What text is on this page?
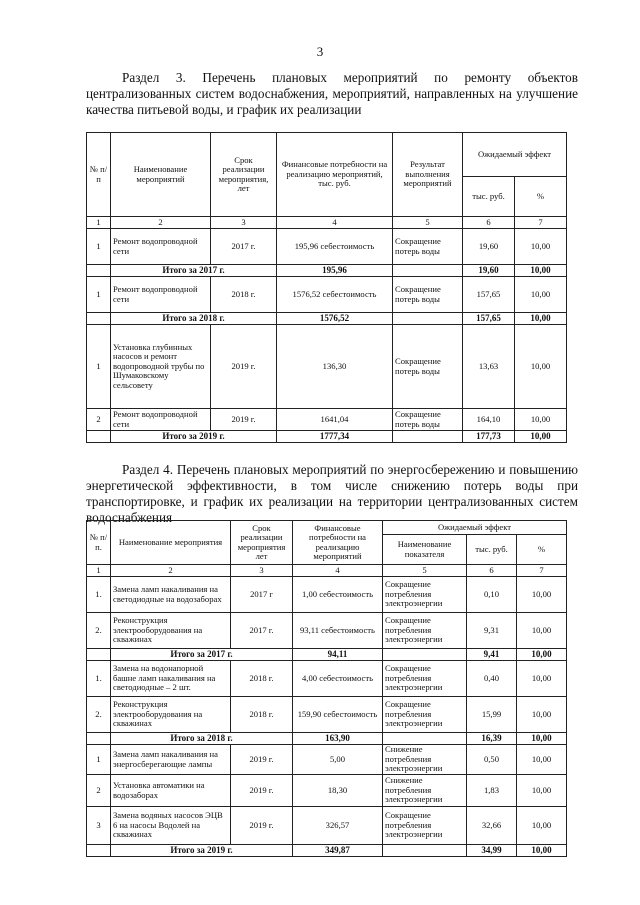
3
Раздел 3. Перечень плановых мероприятий по ремонту объектов централизованных систем водоснабжения, мероприятий, направленных на улучшение качества питьевой воды, и график их реализации
№ п/п	Наименование мероприятий	Срок реализации мероприятия, лет	Финансовые потребности на реализацию мероприятий, тыс. руб.	Результат выполнения мероприятий	Ожидаемый эффект	
					тыс. руб.	%
1	2	3	4	5	6	7
1	Ремонт водопроводной сети	2017 г.	195,96 себестоимость	Сокращение потерь воды	19,60	10,00
	Итого за 2017 г.		195,96		19,60	10,00
1	Ремонт водопроводной сети	2018 г.	1576,52 себестоимость	Сокращение потерь воды	157,65	10,00
	Итого за 2018 г.		1576,52		157,65	10,00
1	Установка глубинных насосов и ремонт водопроводной трубы по Шумаковскому сельсовету	2019 г.	136,30	Сокращение потерь воды	13,63	10,00
2	Ремонт водопроводной сети	2019 г.	1641,04	Сокращение потерь воды	164,10	10,00
	Итого за 2019 г.		1777,34		177,73	10,00
Раздел 4. Перечень плановых мероприятий по энергосбережению и повышению энергетической эффективности, в том числе снижению потерь воды при транспортировке, и график их реализации на территории централизованных систем водоснабжения
№ п/п.	Наименование мероприятия	Срок реализации мероприятия лет	Финансовые потребности на реализацию мероприятий	Ожидаемый эффект		
				Наименование показателя	тыс. руб.	%
1	2	3	4	5	6	7
1.	Замена ламп накаливания на светодиодные на водозаборах	2017 г	1,00 себестоимость	Сокращение потребления электроэнергии	0,10	10,00
2.	Реконструкция электрооборудования на скважинах	2017 г.	93,11 себестоимость	Сокращение потребления электроэнергии	9,31	10,00
	Итого за 2017 г.		94,11		9,41	10,00
1.	Замена на водонапорной башне ламп накаливания на светодиодные – 2 шт.	2018 г.	4,00 себестоимость	Сокращение потребления электроэнергии	0,40	10,00
2.	Реконструкция электрооборудования на скважинах	2018 г.	159,90 себестоимость	Сокращение потребления электроэнергии	15,99	10,00
	Итого за 2018 г.		163,90		16,39	10,00
1	Замена ламп накаливания на энергосберегающие лампы	2019 г.	5,00	Снижение потребления электроэнергии	0,50	10,00
2	Установка автоматики на водозаборах	2019 г.	18,30	Снижение потребления электроэнергии	1,83	10,00
3	Замена водяных насосов ЭЦВ 6 на насосы Водолей на скважинах	2019 г.	326,57	Сокращение потребления электроэнергии	32,66	10,00
	Итого за 2019 г.		349,87		34,99	10,00
